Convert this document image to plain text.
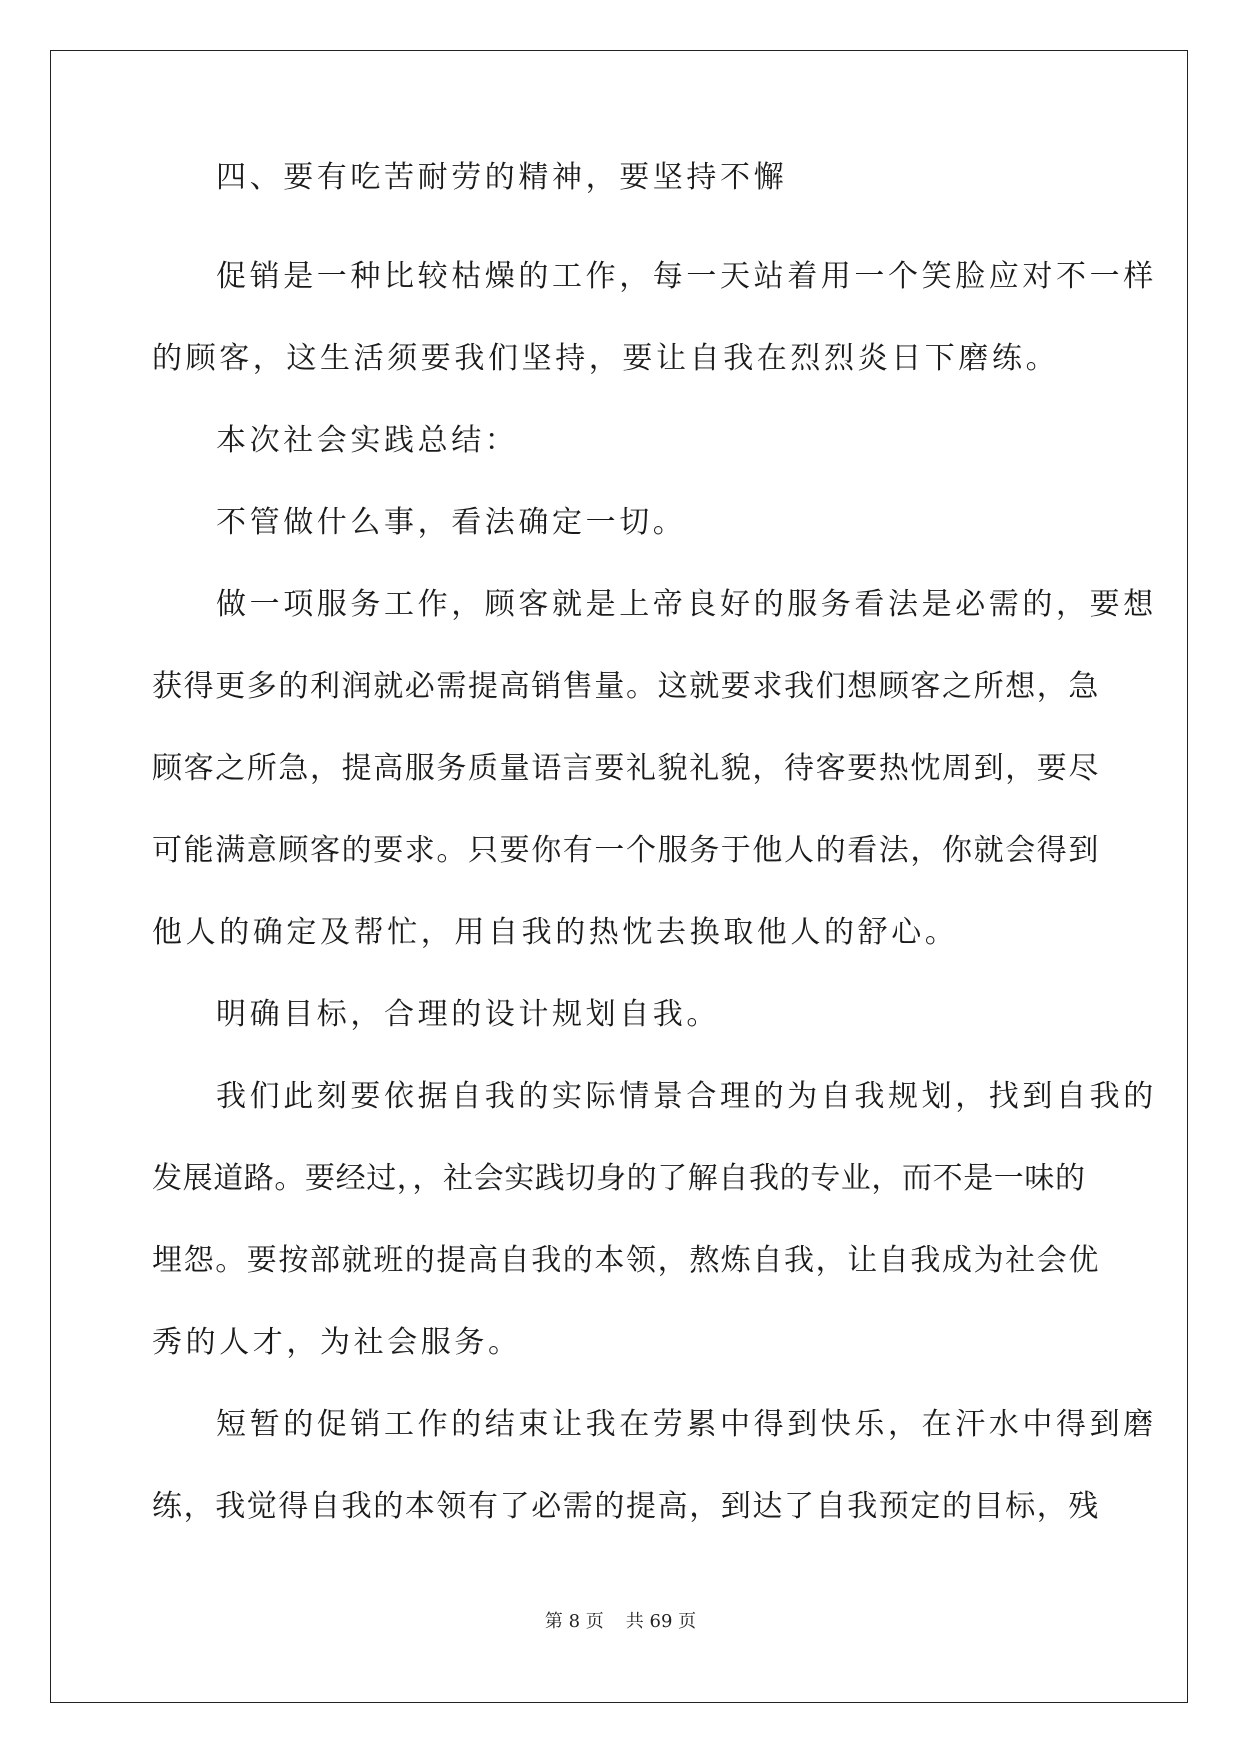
四、要有吃苦耐劳的精神，要坚持不懈
促销是一种比较枯燥的工作，每一天站着用一个笑脸应对不一样
的顾客，这生活须要我们坚持，要让自我在烈烈炎日下磨练。
本次社会实践总结：
不管做什么事，看法确定一切。
做一项服务工作，顾客就是上帝良好的服务看法是必需的，要想
获得更多的利润就必需提高销售量。这就要求我们想顾客之所想，急
顾客之所急，提高服务质量语言要礼貌礼貌，待客要热忱周到，要尽
可能满意顾客的要求。只要你有一个服务于他人的看法，你就会得到
他人的确定及帮忙，用自我的热忱去换取他人的舒心。
明确目标，合理的设计规划自我。
我们此刻要依据自我的实际情景合理的为自我规划，找到自我的
发展道路。要经过，，社会实践切身的了解自我的专业，而不是一味的
埋怨。要按部就班的提高自我的本领，熬炼自我，让自我成为社会优
秀的人才，为社会服务。
短暂的促销工作的结束让我在劳累中得到快乐，在汗水中得到磨
练，我觉得自我的本领有了必需的提高，到达了自我预定的目标，残
第 8 页 共 69 页
